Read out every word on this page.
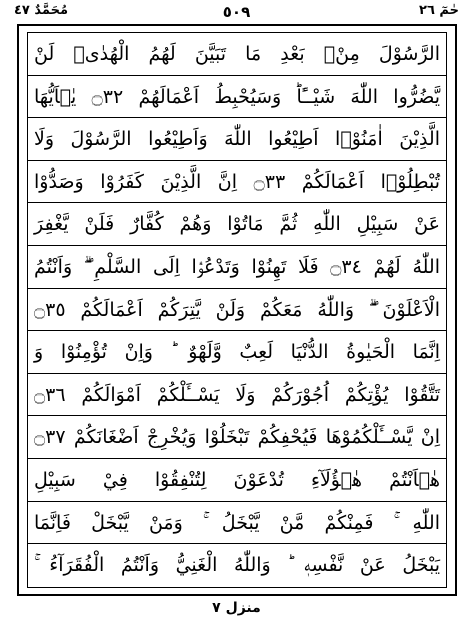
مُحَمَّدٌ ٤٧	٥٠٩	حٰمٓ ٢٦
الرَّسُوْلَ مِنْۢ بَعْدِ مَا تَبَيَّنَ لَهُمُ الْهُدٰىۙ لَنْ
يَّضُرُّوا اللّٰهَ شَيْــًٔاؕ وَسَيُحْبِطُ اَعْمَالَهُمْ ۝٣٢ يٰۤاَيُّهَا
الَّذِيْنَ اٰمَنُوْۤا اَطِيْعُوا اللّٰهَ وَاَطِيْعُوا الرَّسُوْلَ وَلَا
تُبْطِلُوْۤا اَعْمَالَكُمْ ۝٣٣ اِنَّ الَّذِيْنَ كَفَرُوْا وَصَدُّوْا
عَنْ سَبِيْلِ اللّٰهِ ثُمَّ مَاتُوْا وَهُمْ كُفَّارٌ فَلَنْ يَّغْفِرَ
اللّٰهُ لَهُمْ ۝٣٤ فَلَا تَهِنُوْا وَتَدْعُوْۤا اِلَى السَّلْمِ ۖۗ وَاَنْتُمُ
الْاَعْلَوْنَ ۖۗ وَاللّٰهُ مَعَكُمْ وَلَنْ يَّتِرَكُمْ اَعْمَالَكُمْ ۝٣٥
اِنَّمَا الْحَيٰوةُ الدُّنْيَا لَعِبٌ وَّلَهْوٌ ؕ وَاِنْ تُؤْمِنُوْا وَ
تَتَّقُوْا يُؤْتِكُمْ اُجُوْرَكُمْ وَلَا يَسْــَٔلْكُمْ اَمْوَالَكُمْ ۝٣٦
اِنْ يَّسْــَٔلْكُمُوْهَا فَيُحْفِكُمْ تَبْخَلُوْا وَيُخْرِجْ اَضْغَانَكُمْ ۝٣٧
هٰۤاَنْتُمْ هٰۤؤُلَآءِ تُدْعَوْنَ لِتُنْفِقُوْا فِيْ سَبِيْلِ
اللّٰهِ ۚ فَمِنْكُمْ مَّنْ يَّبْخَلُ ۚ وَمَنْ يَّبْخَلْ فَاِنَّمَا
يَبْخَلُ عَنْ نَّفْسِهٖ ؕ وَاللّٰهُ الْغَنِيُّ وَاَنْتُمُ الْفُقَرَآءُ ۚ
منزل ٧
